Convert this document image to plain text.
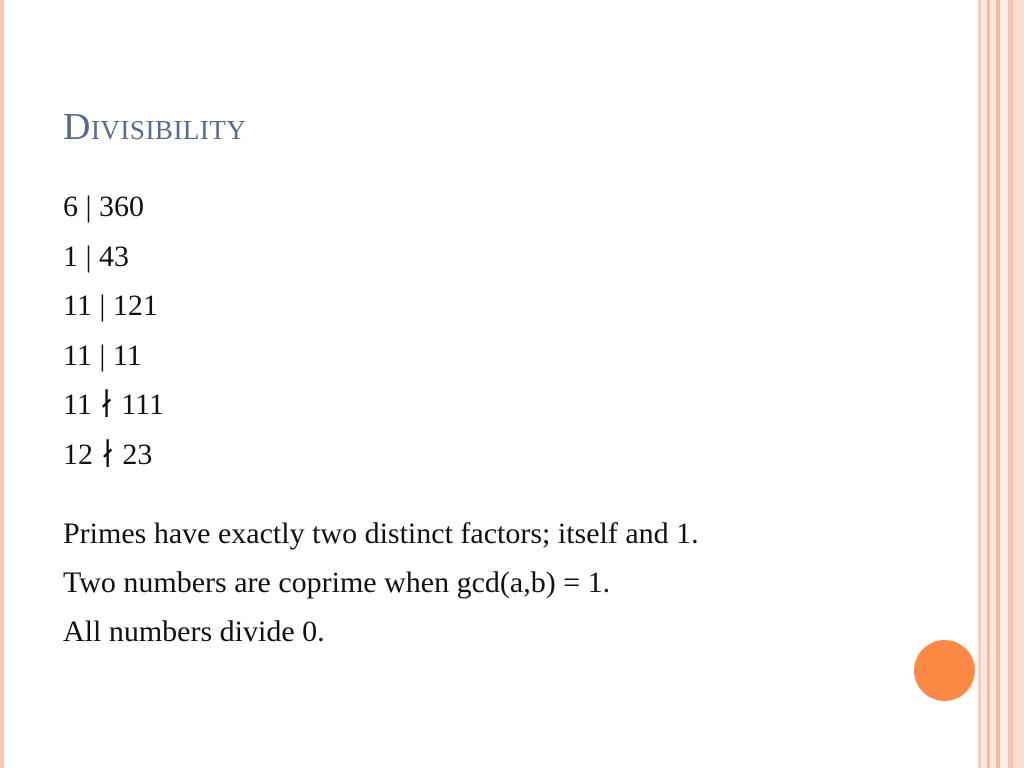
Divisibility
6 | 360
1 | 43
11 | 121
11 | 11
11 ∤ 111
12 ∤ 23
Primes have exactly two distinct factors; itself and 1.
Two numbers are coprime when gcd(a,b) = 1.
All numbers divide 0.
